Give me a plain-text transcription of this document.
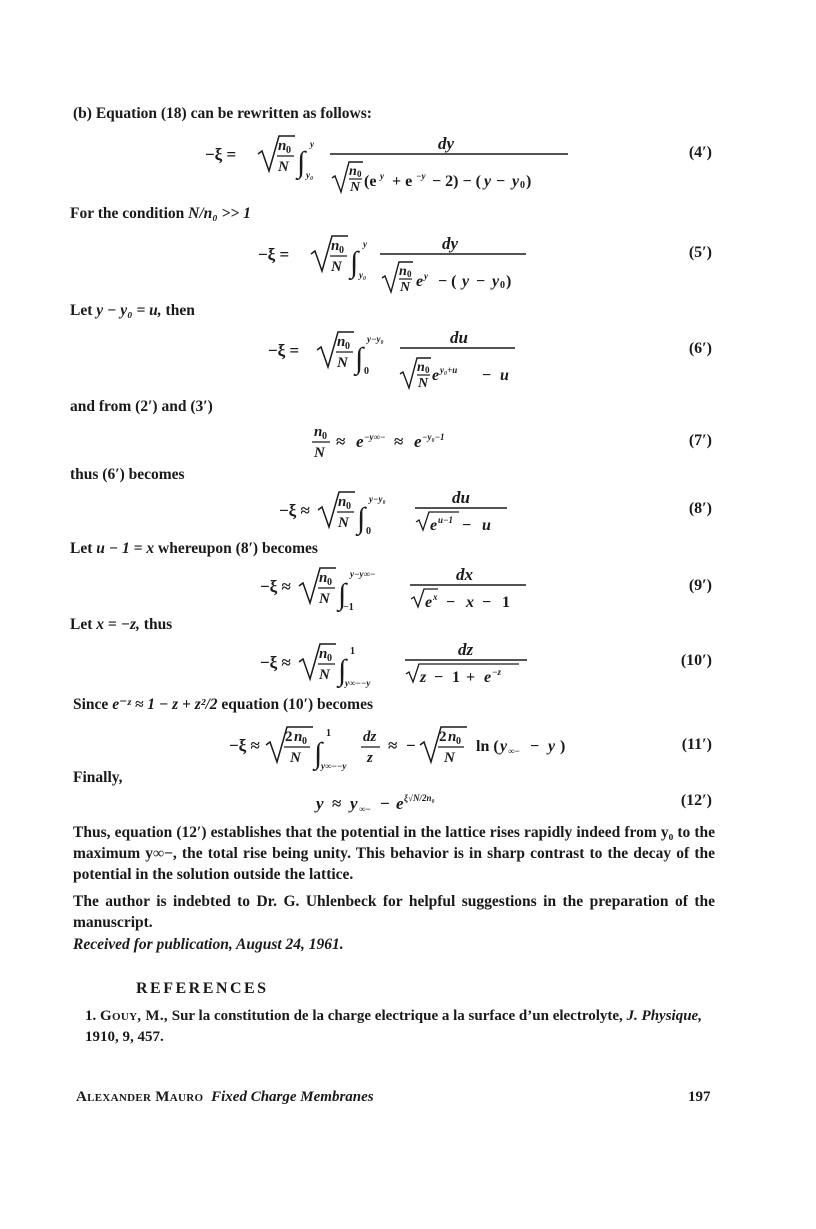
(b) Equation (18) can be rewritten as follows:
−ξ =	n 0
N ∫
y
y₀
dy
n 0
N (e y + e −y − 2) − ( y − y 0 )
(4′)
For the condition N/n₀ >> 1
−ξ =	n 0
N ∫
y
y₀
dy
n 0
N e y − ( y − y 0 )
(5′)
Let y − y₀ = u, then
−ξ =	n 0
N ∫
y−y₀
0
du
n 0
N e y₀+u − u
(6′)
and from (2′) and (3′)
n 0
N
≈ e −y∞− ≈ e −y₀−1	(7′)
thus (6′) becomes
−ξ ≈ n 0
N ∫
y−y₀
0
du
e u−1 − u
(8′)
Let u − 1 = x whereupon (8′) becomes
−ξ ≈ n 0
N ∫
y−y∞−
−1
dx
e x − x − 1
(9′)
Let x = −z, thus
−ξ ≈ n 0
N ∫
1
y∞−−y
dz
z − 1 + e −z
(10′)
Since e⁻ᶻ ≈ 1 − z + z²/2 equation (10′) becomes
−ξ ≈ 2 n 0
N ∫
1
y∞−−y
dz
z
≈ − 2 n 0
N
ln ( y ∞− − y )	(11′)
Finally,
y ≈ y ∞− − e ξ√N/2n₀	(12′)
Thus, equation (12′) establishes that the potential in the lattice rises rapidly indeed from y₀ to the maximum y∞−, the total rise being unity. This behavior is in sharp contrast to the decay of the potential in the solution outside the lattice.
The author is indebted to Dr. G. Uhlenbeck for helpful suggestions in the preparation of the manuscript.
Received for publication, August 24, 1961.
REFERENCES
1. Gouy, M., Sur la constitution de la charge electrique a la surface d’un electrolyte, J. Physique, 1910, 9, 457.
Alexander Mauro Fixed Charge Membranes	197
